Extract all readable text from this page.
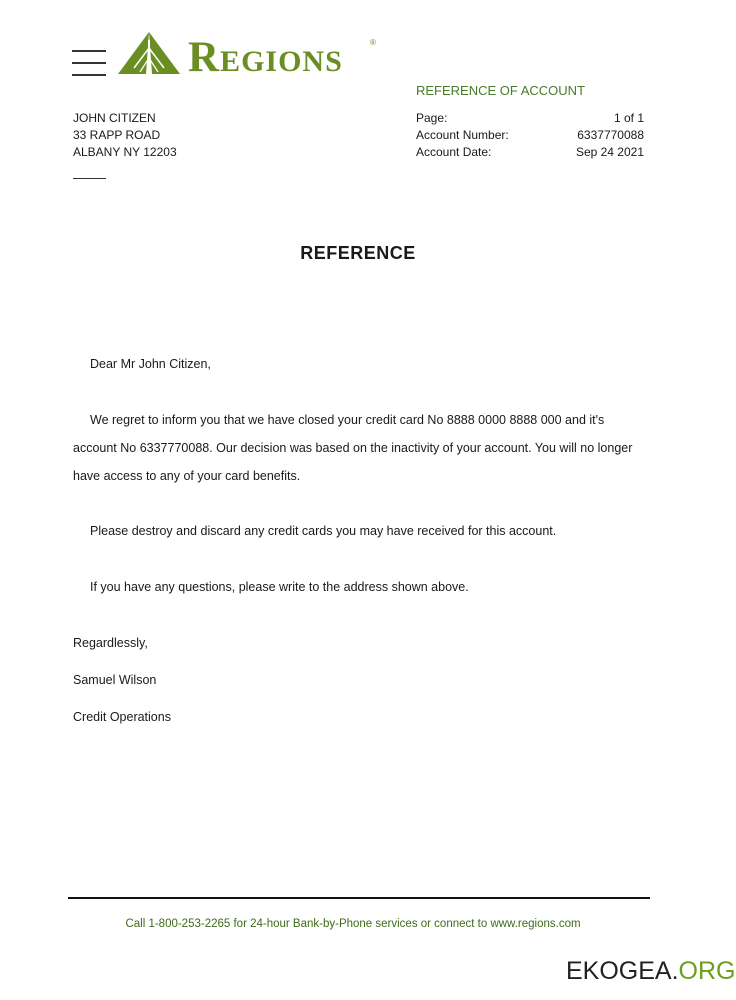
Regions	®
REFERENCE OF ACCOUNT
JOHN CITIZEN
33 RAPP ROAD
ALBANY NY 12203
Page:	1 of 1
Account Number:	6337770088
Account Date:	Sep 24 2021
REFERENCE
Dear Mr John Citizen,
We regret to inform you that we have closed your credit card No 8888 0000 8888 000 and it's account No 6337770088. Our decision was based on the inactivity of your account. You will no longer have access to any of your card benefits.
Please destroy and discard any credit cards you may have received for this account.
If you have any questions, please write to the address shown above.
Regardlessly,
Samuel Wilson
Credit Operations
Call 1-800-253-2265 for 24-hour Bank-by-Phone services or connect to www.regions.com
EKOGEA.ORG
